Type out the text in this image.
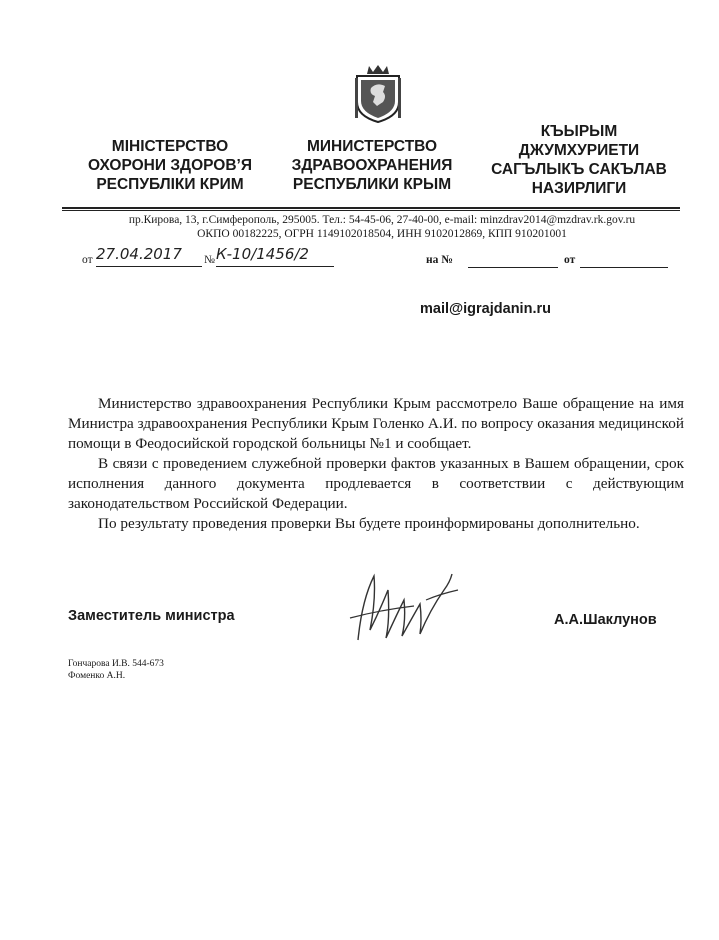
МІНІСТЕРСТВО
ОХОРОНИ ЗДОРОВ’Я
РЕСПУБЛІКИ КРИМ
МИНИСТЕРСТВО
ЗДРАВООХРАНЕНИЯ
РЕСПУБЛИКИ КРЫМ
КЪЫРЫМ
ДЖУМХУРИЕТИ
САГЪЛЫКЪ САКЪЛАВ
НАЗИРЛИГИ
пр.Кирова, 13, г.Симферополь, 295005. Тел.: 54-45-06, 27-40-00, e-mail: minzdrav2014@mzdrav.rk.gov.ru
ОКПО 00182225, ОГРН 1149102018504, ИНН 9102012869, КПП 910201001
от 27.04.2017 № К-10/1456/2	на №	от
mail@igrajdanin.ru

Министерство здравоохранения Республики Крым рассмотрело Ваше обращение на имя Министра здравоохранения Республики Крым Голенко А.И. по вопросу оказания медицинской помощи в Феодосийской городской больницы №1 и сообщает.

В связи с проведением служебной проверки фактов указанных в Вашем обращении, срок исполнения данного документа продлевается в соответствии с действующим законодательством Российской Федерации.

По результату проведения проверки Вы будете проинформированы дополнительно.

Заместитель министра	А.А.Шаклунов
Гончарова И.В. 544-673
Фоменко А.Н.
